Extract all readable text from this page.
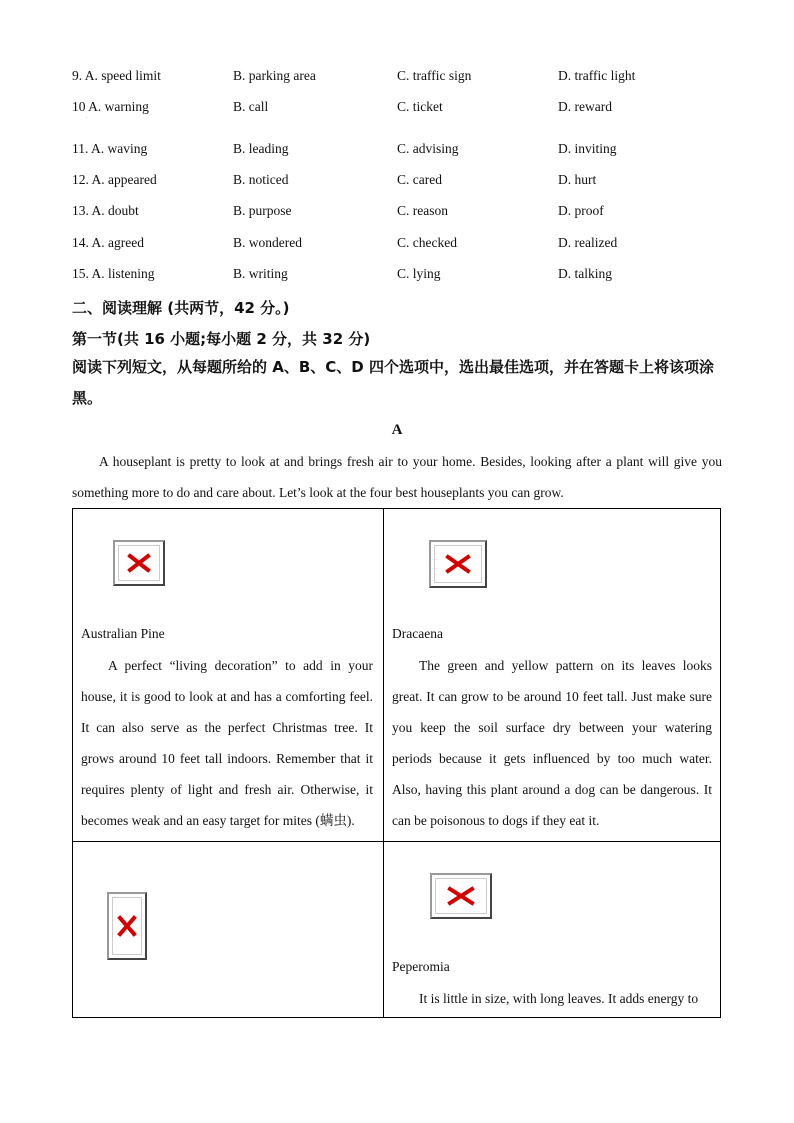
9. A. speed limit	B. parking area	C. traffic sign	D. traffic light
10 A. warning	B. call	C. ticket	D. reward
𝄒
11. A. waving	B. leading	C. advising	D. inviting
12. A. appeared	B. noticed	C. cared	D. hurt
13. A. doubt	B. purpose	C. reason	D. proof
14. A. agreed	B. wondered	C. checked	D. realized
15. A. listening	B. writing	C. lying	D. talking
二、阅读理解 (共两节，42 分。)
第一节(共 16 小题;每小题 2 分，共 32 分)
阅读下列短文，从每题所给的 A、B、C、D 四个选项中，选出最佳选项，并在答题卡上将该项涂黑。
A
A houseplant is pretty to look at and brings fresh air to your home. Besides, looking after a plant will give you something more to do and care about. Let’s look at the four best houseplants you can grow.
Australian Pine
A perfect “living decoration” to add in your house, it is good to look at and has a comforting feel. It can also serve as the perfect Christmas tree. It grows around 10 feet tall indoors. Remember that it requires plenty of light and fresh air. Otherwise, it becomes weak and an easy target for mites (螨虫).
Dracaena
The green and yellow pattern on its leaves looks great. It can grow to be around 10 feet tall. Just make sure you keep the soil surface dry between your watering periods because it gets influenced by too much water. Also, having this plant around a dog can be dangerous. It can be poisonous to dogs if they eat it.
Peperomia
It is little in size, with long leaves. It adds energy to
